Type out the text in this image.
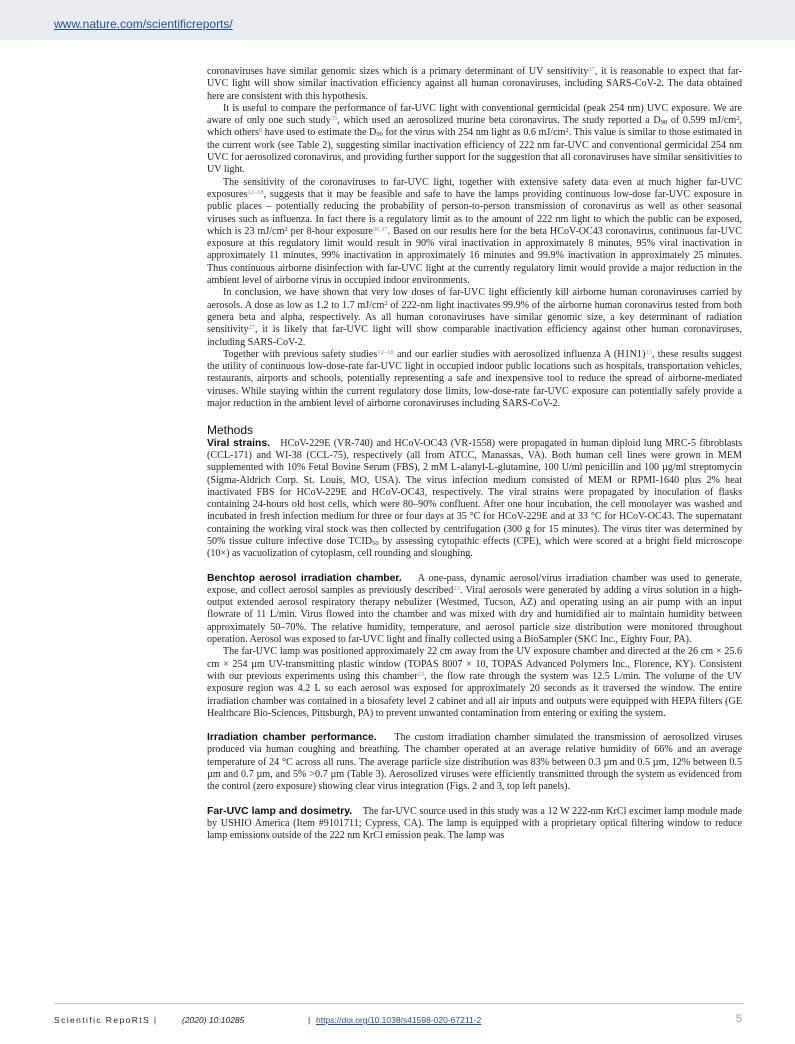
www.nature.com/scientificreports/

coronaviruses have similar genomic sizes which is a primary determinant of UV sensitivity$^{27}$, it is reasonable to expect that far-UVC light will show similar inactivation efficiency against all human coronaviruses, including SARS-CoV-2. The data obtained here are consistent with this hypothesis.

It is useful to compare the performance of far-UVC light with conventional germicidal (peak 254 nm) UVC exposure. We are aware of only one such study$^{35}$, which used an aerosolized murine beta coronavirus. The study reported a $D_{90}$ of 0.599 $mJ/cm^2$, which others$^8$ have used to estimate the $D_{90}$ for the virus with 254 nm light as 0.6 $mJ/cm^2$. This value is similar to those estimated in the current work (see Table 2), suggesting similar inactivation efficiency of 222 nm far-UVC and conventional germicidal 254 nm UVC for aerosolized coronavirus, and providing further support for the suggestion that all coronaviruses have similar sensitivities to UV light.

The sensitivity of the coronaviruses to far-UVC light, together with extensive safety data even at much higher far-UVC exposures$^{12-18}$, suggests that it may be feasible and safe to have the lamps providing continuous low-dose far-UVC exposure in public places – potentially reducing the probability of person-to-person transmission of coronavirus as well as other seasonal viruses such as influenza. In fact there is a regulatory limit as to the amount of 222 nm light to which the public can be exposed, which is 23 $mJ/cm^2$ per 8-hour exposure$^{36,37}$. Based on our results here for the beta HCoV-OC43 coronavirus, continuous far-UVC exposure at this regulatory limit would result in 90% viral inactivation in approximately 8 minutes, 95% viral inactivation in approximately 11 minutes, 99% inactivation in approximately 16 minutes and 99.9% inactivation in approximately 25 minutes. Thus continuous airborne disinfection with far-UVC light at the currently regulatory limit would provide a major reduction in the ambient level of airborne virus in occupied indoor environments.

In conclusion, we have shown that very low doses of far-UVC light efficiently kill airborne human coronaviruses carried by aerosols. A dose as low as 1.2 to 1.7 $mJ/cm^2$ of 222-nm light inactivates 99.9% of the airborne human coronavirus tested from both genera beta and alpha, respectively. As all human coronaviruses have similar genomic size, a key determinant of radiation sensitivity$^{27}$, it is likely that far-UVC light will show comparable inactivation efficiency against other human coronaviruses, including SARS-CoV-2.

Together with previous safety studies$^{12-18}$ and our earlier studies with aerosolized influenza A (H1N1)$^{23}$, these results suggest the utility of continuous low-dose-rate far-UVC light in occupied indoor public locations such as hospitals, transportation vehicles, restaurants, airports and schools, potentially representing a safe and inexpensive tool to reduce the spread of airborne-mediated viruses. While staying within the current regulatory dose limits, low-dose-rate far-UVC exposure can potentially safely provide a major reduction in the ambient level of airborne coronaviruses including SARS-CoV-2.

Methods

Viral strains. HCoV-229E (VR-740) and HCoV-OC43 (VR-1558) were propagated in human diploid lung MRC-5 fibroblasts (CCL-171) and WI-38 (CCL-75), respectively (all from ATCC, Manassas, VA). Both human cell lines were grown in MEM supplemented with 10% Fetal Bovine Serum (FBS), 2 mM L-alanyl-L-glutamine, 100 U/ml penicillin and 100 µg/ml streptomycin (Sigma-Aldrich Corp. St. Louis, MO, USA). The virus infection medium consisted of MEM or RPMI-1640 plus 2% heat inactivated FBS for HCoV-229E and HCoV-OC43, respectively. The viral strains were propagated by inoculation of flasks containing 24-hours old host cells, which were 80–90% confluent. After one hour incubation, the cell monolayer was washed and incubated in fresh infection medium for three or four days at 35 °C for HCoV-229E and at 33 °C for HCoV-OC43. The supernatant containing the working viral stock was then collected by centrifugation (300 g for 15 minutes). The virus titer was determined by 50% tissue culture infective dose $TCID_{50}$ by assessing cytopathic effects (CPE), which were scored at a bright field microscope (10×) as vacuolization of cytoplasm, cell rounding and sloughing.

Benchtop aerosol irradiation chamber. A one-pass, dynamic aerosol/virus irradiation chamber was used to generate, expose, and collect aerosol samples as previously described$^{23}$. Viral aerosols were generated by adding a virus solution in a high-output extended aerosol respiratory therapy nebulizer (Westmed, Tucson, AZ) and operating using an air pump with an input flowrate of 11 L/min. Virus flowed into the chamber and was mixed with dry and humidified air to maintain humidity between approximately 50–70%. The relative humidity, temperature, and aerosol particle size distribution were monitored throughout operation. Aerosol was exposed to far-UVC light and finally collected using a BioSampler (SKC Inc., Eighty Four, PA).

The far-UVC lamp was positioned approximately 22 cm away from the UV exposure chamber and directed at the 26 cm × 25.6 cm × 254 µm UV-transmitting plastic window (TOPAS 8007 × 10, TOPAS Advanced Polymers Inc., Florence, KY). Consistent with our previous experiments using this chamber$^{23}$, the flow rate through the system was 12.5 L/min. The volume of the UV exposure region was 4.2 L so each aerosol was exposed for approximately 20 seconds as it traversed the window. The entire irradiation chamber was contained in a biosafety level 2 cabinet and all air inputs and outputs were equipped with HEPA filters (GE Healthcare Bio-Sciences, Pittsburgh, PA) to prevent unwanted contamination from entering or exiting the system.

Irradiation chamber performance. The custom irradiation chamber simulated the transmission of aerosolized viruses produced via human coughing and breathing. The chamber operated at an average relative humidity of 66% and an average temperature of 24 °C across all runs. The average particle size distribution was 83% between 0.3 µm and 0.5 µm, 12% between 0.5 µm and 0.7 µm, and 5% >0.7 µm (Table 3). Aerosolized viruses were efficiently transmitted through the system as evidenced from the control (zero exposure) showing clear virus integration (Figs. 2 and 3, top left panels).

Far-UVC lamp and dosimetry. The far-UVC source used in this study was a 12 W 222-nm KrCl excimer lamp module made by USHIO America (Item #9101711; Cypress, CA). The lamp is equipped with a proprietary optical filtering window to reduce lamp emissions outside of the 222 nm KrCl emission peak. The lamp was

Scientific RepoRtS |	(2020) 10:10285	| https://doi.org/10.1038/s41598-020-67211-2	5
